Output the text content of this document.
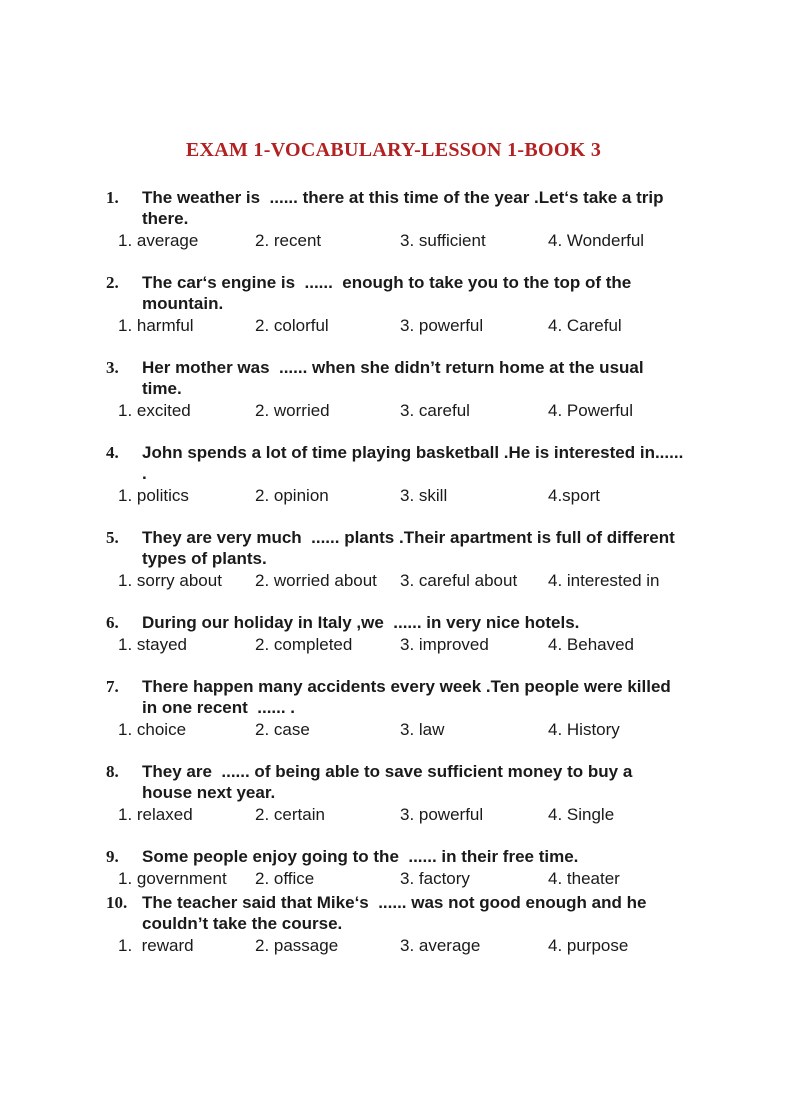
EXAM 1-VOCABULARY-LESSON 1-BOOK 3
1.	The weather is  ...... there at this time of the year .Let‘s take a trip there.
1. average	2. recent	3. sufficient	4. Wonderful
2.	The car‘s engine is  ......  enough to take you to the top of the mountain.
1. harmful	2. colorful	3. powerful	4. Careful
3.	Her mother was  ...... when she didn’t return home at the usual time.
1. excited	2. worried	3. careful	4. Powerful
4.	John spends a lot of time playing basketball .He is interested in...... .
1. politics	2. opinion	3. skill	4.sport
5.	They are very much  ...... plants .Their apartment is full of different types of plants.
1. sorry about	2. worried about	3. careful about	4. interested in
6.	During our holiday in Italy ,we  ...... in very nice hotels.
1. stayed	2. completed	3. improved	4. Behaved
7.	There happen many accidents every week .Ten people were killed in one recent  ...... .
1. choice	2. case	3. law	4. History
8.	They are  ...... of being able to save sufficient money to buy a house next year.
1. relaxed	2. certain	3. powerful	4. Single
9.	Some people enjoy going to the  ...... in their free time.
1. government	2. office	3. factory	4. theater
10. The teacher said that Mike‘s  ...... was not good enough and he couldn’t take the course.
1.  reward	2. passage	3. average	4. purpose
